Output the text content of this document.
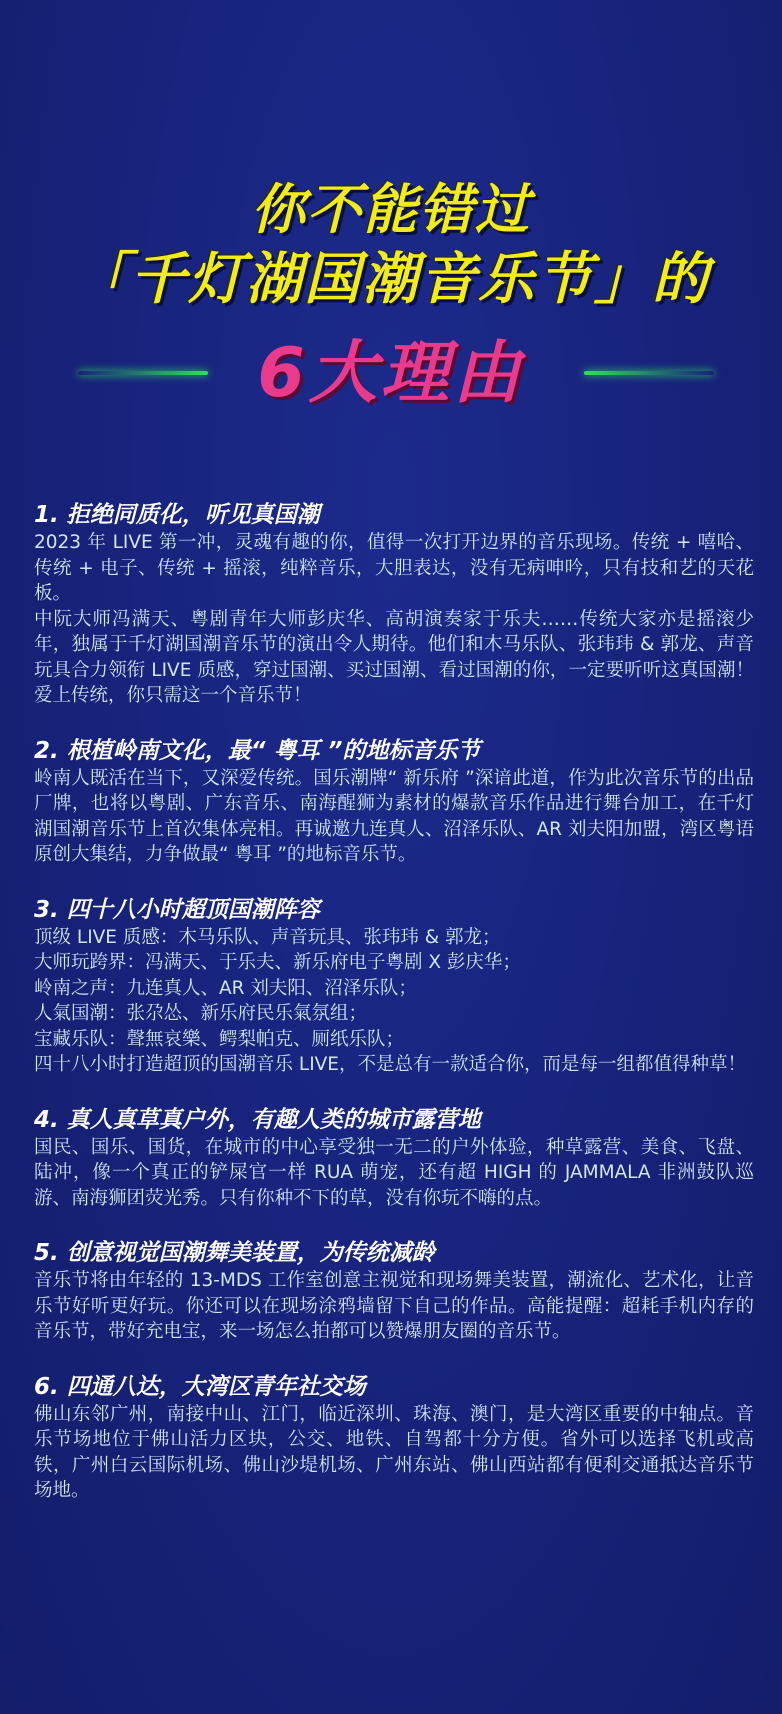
你不能错过
「千灯湖国潮音乐节」的
6大理由

1. 拒绝同质化，听见真国潮

2023 年 LIVE 第一冲，灵魂有趣的你，值得一次打开边界的音乐现场。传统 + 嘻哈、传统 + 电子、传统 + 摇滚，纯粹音乐，大胆表达，没有无病呻吟，只有技和艺的天花板。

中阮大师冯满天、粤剧青年大师彭庆华、高胡演奏家于乐夫……传统大家亦是摇滚少年，独属于千灯湖国潮音乐节的演出令人期待。他们和木马乐队、张玮玮 & 郭龙、声音玩具合力领衔 LIVE 质感，穿过国潮、买过国潮、看过国潮的你，一定要听听这真国潮！爱上传统，你只需这一个音乐节！

2. 根植岭南文化，最“ 粤耳 ”的地标音乐节

岭南人既活在当下，又深爱传统。国乐潮牌“ 新乐府 ”深谙此道，作为此次音乐节的出品厂牌，也将以粤剧、广东音乐、南海醒狮为素材的爆款音乐作品进行舞台加工，在千灯湖国潮音乐节上首次集体亮相。再诚邀九连真人、沼泽乐队、AR 刘夫阳加盟，湾区粤语原创大集结，力争做最“ 粤耳 ”的地标音乐节。

3. 四十八小时超顶国潮阵容

顶级 LIVE 质感：木马乐队、声音玩具、张玮玮 & 郭龙；

大师玩跨界：冯满天、于乐夫、新乐府电子粤剧 X 彭庆华；

岭南之声：九连真人、AR 刘夫阳、沼泽乐队；

人氣国潮：张尕怂、新乐府民乐氣氛组；

宝藏乐队：聲無哀樂、鳄梨帕克、厕纸乐队；

四十八小时打造超顶的国潮音乐 LIVE，不是总有一款适合你，而是每一组都值得种草！

4. 真人真草真户外，有趣人类的城市露营地

国民、国乐、国货，在城市的中心享受独一无二的户外体验，种草露营、美食、飞盘、陆冲，像一个真正的铲屎官一样 RUA 萌宠，还有超 HIGH 的 JAMMALA 非洲鼓队巡游、南海狮团荧光秀。只有你种不下的草，没有你玩不嗨的点。

5. 创意视觉国潮舞美装置，为传统减龄

音乐节将由年轻的 13-MDS 工作室创意主视觉和现场舞美装置，潮流化、艺术化，让音乐节好听更好玩。你还可以在现场涂鸦墙留下自己的作品。高能提醒：超耗手机内存的音乐节，带好充电宝，来一场怎么拍都可以赞爆朋友圈的音乐节。

6. 四通八达，大湾区青年社交场

佛山东邻广州，南接中山、江门，临近深圳、珠海、澳门，是大湾区重要的中轴点。音乐节场地位于佛山活力区块，公交、地铁、自驾都十分方便。省外可以选择飞机或高铁，广州白云国际机场、佛山沙堤机场、广州东站、佛山西站都有便利交通抵达音乐节场地。
